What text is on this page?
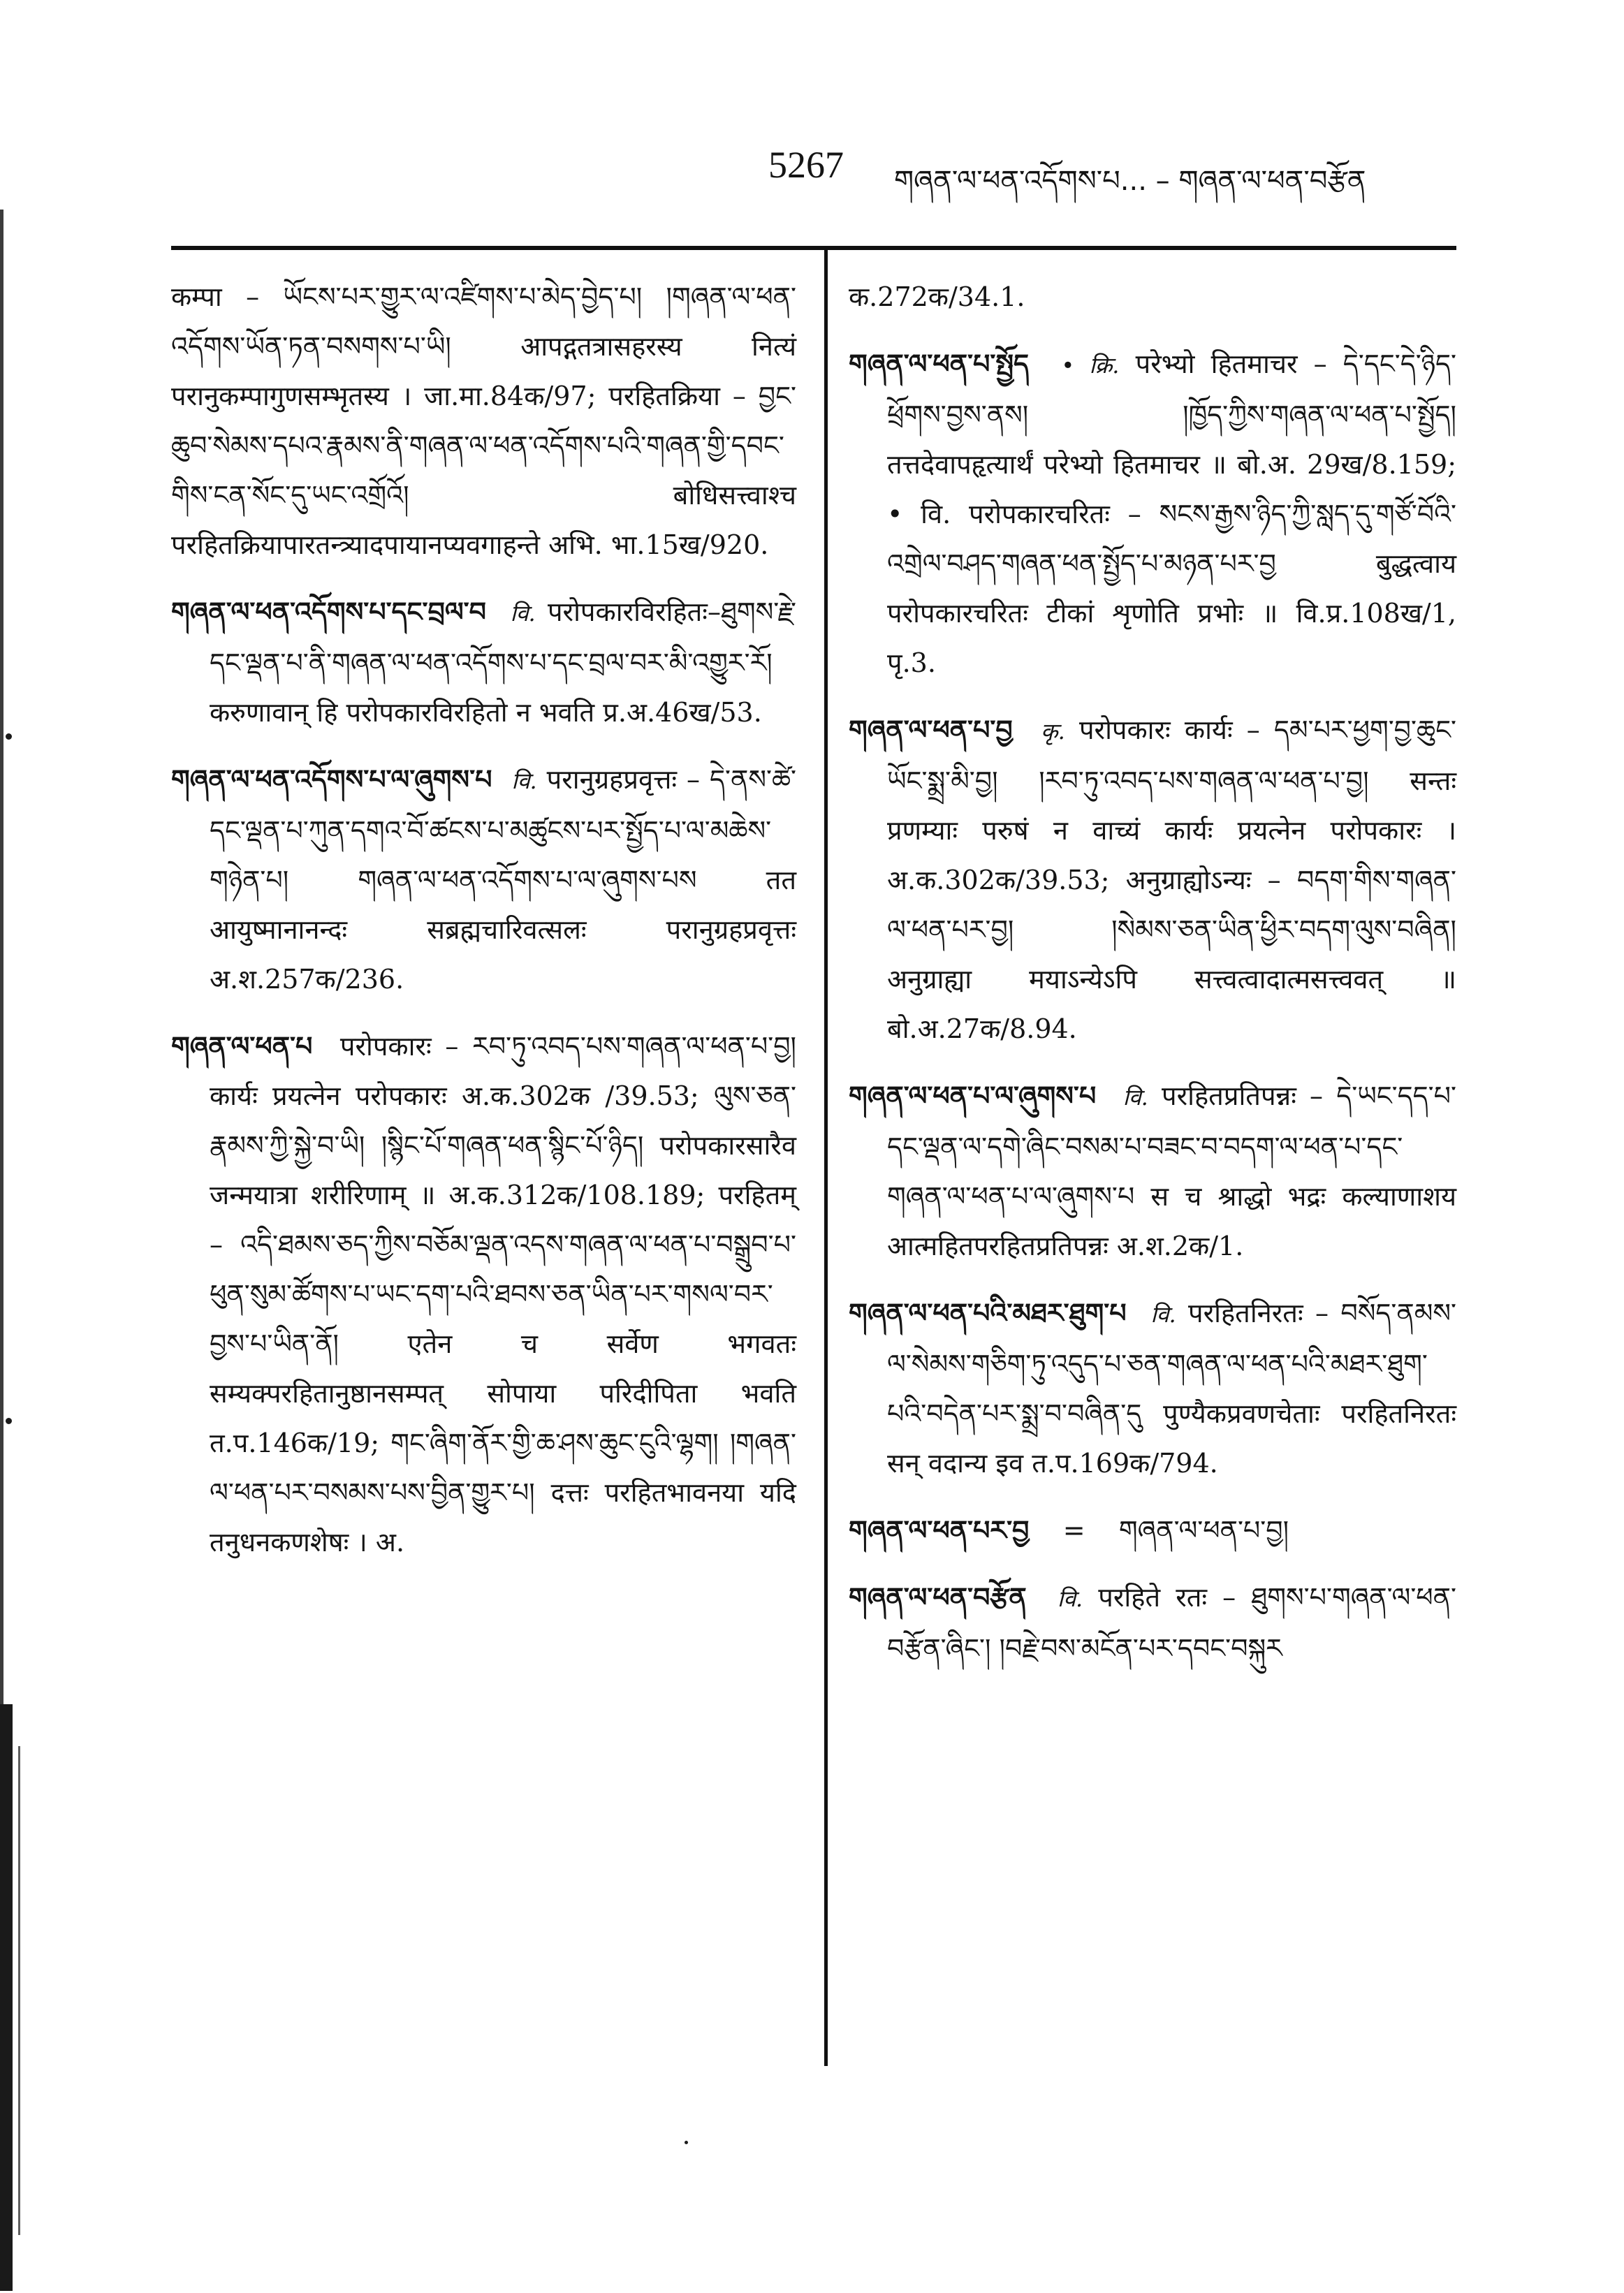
5267 གཞན་ལ་ཕན་འདོགས་པ... – གཞན་ལ་ཕན་བརྩོན

कम्पा – ཡོངས་པར་གྱུར་ལ་འཛིགས་པ་མེད་བྱེད་པ། །གཞན་ལ་ཕན་འདོགས་ཡོན་ཏན་བསགས་པ་ཡི། आपद्गतत्रासहरस्य नित्यं परानुकम्पागुणसम्भृतस्य । जा.मा.84क/97; परहितक्रिया – བྱང་ཆུབ་སེམས་དཔའ་རྣམས་ནི་གཞན་ལ་ཕན་འདོགས་པའི་གཞན་གྱི་དབང་གིས་ངན་སོང་དུ་ཡང་འགྲོའོ། बोधिसत्त्वाश्च परहितक्रियापारतन्त्र्यादपायानप्यवगाहन्ते अभि. भा.15ख/920.

གཞན་ལ་ཕན་འདོགས་པ་དང་བྲལ་བ वि. परोपकारविरहितः–ཐུགས་རྗེ་དང་ལྡན་པ་ནི་གཞན་ལ་ཕན་འདོགས་པ་དང་བྲལ་བར་མི་འགྱུར་རོ། करुणावान् हि परोपकारविरहितो न भवति प्र.अ.46ख/53.

གཞན་ལ་ཕན་འདོགས་པ་ལ་ཞུགས་པ वि. परानुग्रहप्रवृत्तः – དེ་ནས་ཚེ་དང་ལྡན་པ་ཀུན་དགའ་བོ་ཚངས་པ་མཚུངས་པར་སྤྱོད་པ་ལ་མཆེས་གཉེན་པ། གཞན་ལ་ཕན་འདོགས་པ་ལ་ཞུགས་པས तत आयुष्मानानन्दः सब्रह्मचारिवत्सलः परानुग्रहप्रवृत्तः अ.श.257क/236.

གཞན་ལ་ཕན་པ परोपकारः – རབ་ཏུ་འབད་པས་གཞན་ལ་ཕན་པ་བྱ། कार्यः प्रयत्नेन परोपकारः अ.क.302क /39.53; ལུས་ཅན་རྣམས་ཀྱི་སྐྱེ་བ་ཡི། །སྙིང་པོ་གཞན་ཕན་སྙིང་པོ་ཉིད། परोपकारसारैव जन्मयात्रा शरीरिणाम् ॥ अ.क.312क/108.189; परहितम् – འདི་ཐམས་ཅད་ཀྱིས་བཅོམ་ལྡན་འདས་གཞན་ལ་ཕན་པ་བསྒྲུབ་པ་ཕུན་སུམ་ཚོགས་པ་ཡང་དག་པའི་ཐབས་ཅན་ཡིན་པར་གསལ་བར་བྱས་པ་ཡིན་ནོ། एतेन च सर्वेण भगवतः सम्यक्परहितानुष्ठानसम्पत् सोपाया परिदीपिता भवति त.प.146क/19; གང་ཞིག་ནོར་གྱི་ཆ་ཤས་ཆུང་ངུའི་ལྷག། །གཞན་ལ་ཕན་པར་བསམས་པས་བྱིན་གྱུར་པ། दत्तः परहितभावनया यदि तनुधनकणशेषः । अ.

क.272क/34.1.

གཞན་ལ་ཕན་པ་སྤྱོད • क्रि. परेभ्यो हितमाचर – དེ་དང་དེ་ཉིད་ཕྲོགས་བྱས་ནས། །ཁྱོད་ཀྱིས་གཞན་ལ་ཕན་པ་སྤྱོད། तत्तदेवापहृत्यार्थं परेभ्यो हितमाचर ॥ बो.अ. 29ख/8.159; • वि. परोपकारचरितः – སངས་རྒྱས་ཉིད་ཀྱི་སླད་དུ་གཙོ་བོའི་འགྲེལ་བཤད་གཞན་ཕན་སྤྱོད་པ་མཉན་པར་བྱ बुद्धत्वाय परोपकारचरितः टीकां शृणोति प्रभोः ॥ वि.प्र.108ख/1, पृ.3.

གཞན་ལ་ཕན་པ་བྱ कृ. परोपकारः कार्यः – དམ་པར་ཕྱག་བྱ་ཆུང་ཡོང་སྨྲ་མི་བྱ། །རབ་ཏུ་འབད་པས་གཞན་ལ་ཕན་པ་བྱ། सन्तः प्रणम्याः परुषं न वाच्यं कार्यः प्रयत्नेन परोपकारः । अ.क.302क/39.53; अनुग्राह्योऽन्यः – བདག་གིས་གཞན་ལ་ཕན་པར་བྱ། །སེམས་ཅན་ཡིན་ཕྱིར་བདག་ལུས་བཞིན། अनुग्राह्या मयाऽन्येऽपि सत्त्वत्वादात्मसत्त्ववत् ॥ बो.अ.27क/8.94.

གཞན་ལ་ཕན་པ་ལ་ཞུགས་པ वि. परहितप्रतिपन्नः – དེ་ཡང་དད་པ་དང་ལྡན་ལ་དགེ་ཞིང་བསམ་པ་བཟང་བ་བདག་ལ་ཕན་པ་དང་གཞན་ལ་ཕན་པ་ལ་ཞུགས་པ स च श्राद्धो भद्रः कल्याणाशय आत्महितपरहितप्रतिपन्नः अ.श.2क/1.

གཞན་ལ་ཕན་པའི་མཐར་ཐུག་པ वि. परहितनिरतः – བསོད་ནམས་ལ་སེམས་གཅིག་ཏུ་འདུད་པ་ཅན་གཞན་ལ་ཕན་པའི་མཐར་ཐུག་པའི་བདེན་པར་སྨྲ་བ་བཞིན་དུ पुण्यैकप्रवणचेताः परहितनिरतः सन् वदान्य इव त.प.169क/794.

གཞན་ལ་ཕན་པར་བྱ = གཞན་ལ་ཕན་པ་བྱ།

གཞན་ལ་ཕན་བརྩོན वि. परहिते रतः – ཐུགས་པ་གཞན་ལ་ཕན་བརྩོན་ཞིང་། །བརྗེ་བས་མངོན་པར་དབང་བསྐུར
